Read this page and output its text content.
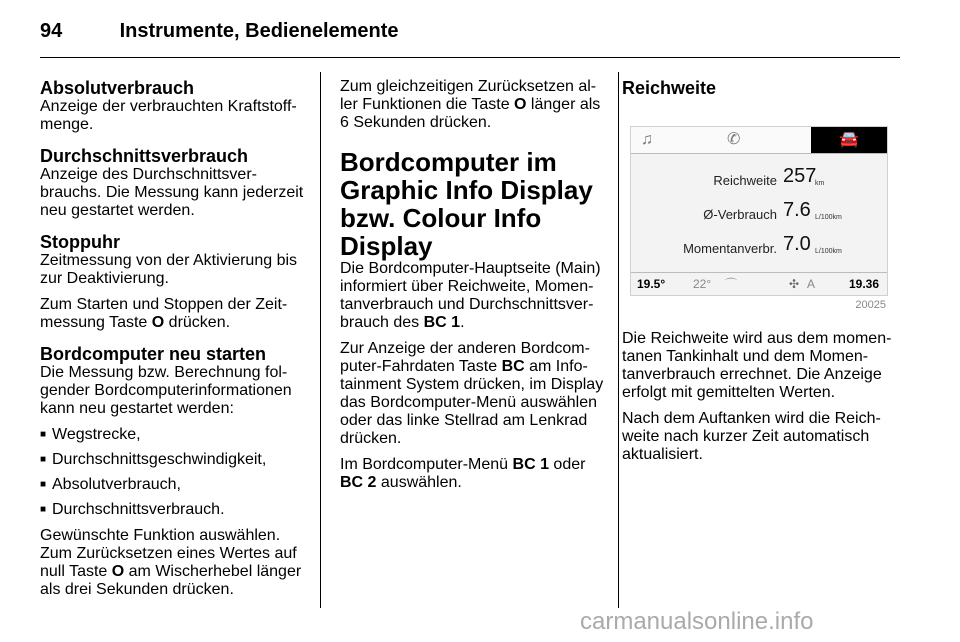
94	Instrumente, Bedienelemente
Absolutverbrauch

Anzeige der verbrauchten Kraftstoff-menge.

Durchschnittsverbrauch

Anzeige des Durchschnittsver-brauchs. Die Messung kann jederzeit neu gestartet werden.

Stoppuhr

Zeitmessung von der Aktivierung bis zur Deaktivierung.

Zum Starten und Stoppen der Zeit-messung Taste O drücken.

Bordcomputer neu starten

Die Messung bzw. Berechnung fol-gender Bordcomputerinformationen kann neu gestartet werden:

■ Wegstrecke,
■ Durchschnittsgeschwindigkeit,
■ Absolutverbrauch,
■ Durchschnittsverbrauch.

Gewünschte Funktion auswählen. Zum Zurücksetzen eines Wertes auf null Taste O am Wischerhebel länger als drei Sekunden drücken.

Zum gleichzeitigen Zurücksetzen al-ler Funktionen die Taste O länger als 6 Sekunden drücken.

Bordcomputer im Graphic Info Display bzw. Colour Info Display

Die Bordcomputer-Hauptseite (Main) informiert über Reichweite, Momen-tanverbrauch und Durchschnittsver-brauch des BC 1.

Zur Anzeige der anderen Bordcom-puter-Fahrdaten Taste BC am Info-tainment System drücken, im Display das Bordcomputer-Menü auswählen oder das linke Stellrad am Lenkrad drücken.

Im Bordcomputer-Menü BC 1 oder BC 2 auswählen.

Reichweite
♫	✆	🚘
Reichweite 257
km
Ø-Verbrauch 7.6 L/100km
Momentanverbr. 7.0 L/100km
19.5° 22° ⌒	✣ A	19.36
20025

Die Reichweite wird aus dem momen-tanen Tankinhalt und dem Momen-tanverbrauch errechnet. Die Anzeige erfolgt mit gemittelten Werten.

Nach dem Auftanken wird die Reich-weite nach kurzer Zeit automatisch aktualisiert.

carmanualsonline.info
